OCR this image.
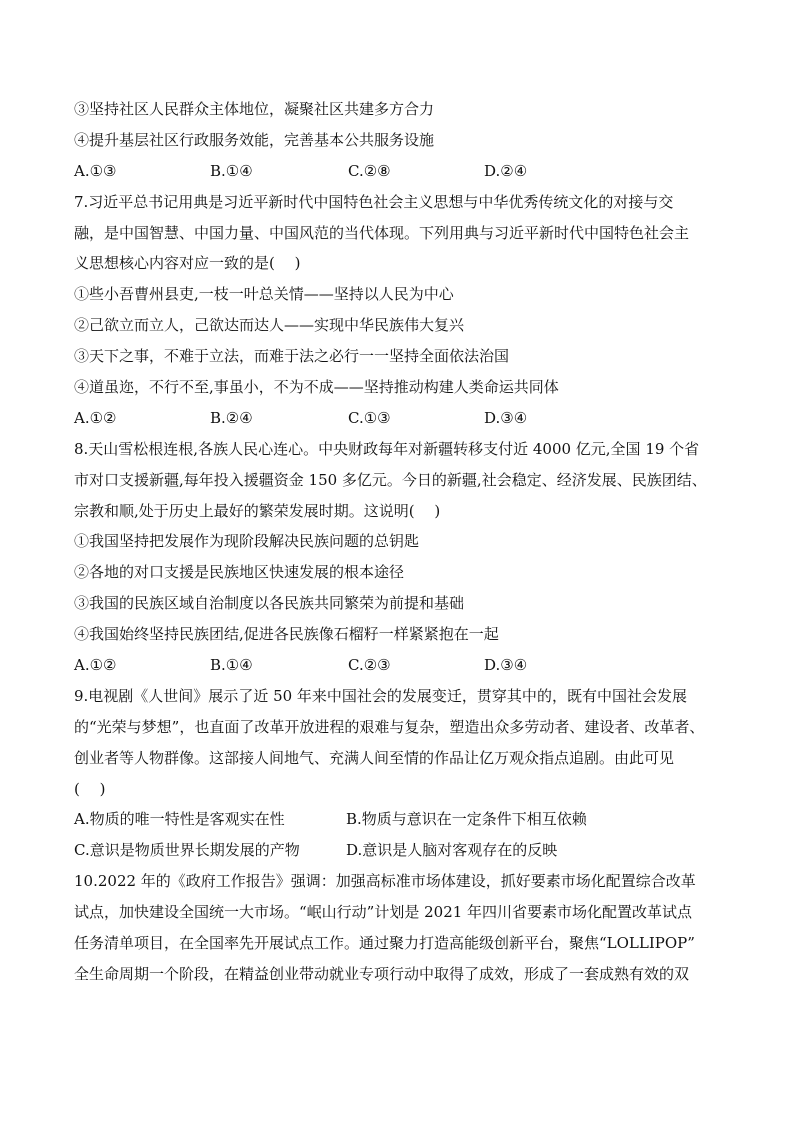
③坚持社区人民群众主体地位，凝聚社区共建多方合力
④提升基层社区行政服务效能，完善基本公共服务设施
A.①③	B.①④	C.②⑧	D.②④
7.习近平总书记用典是习近平新时代中国特色社会主义思想与中华优秀传统文化的对接与交
融，是中国智慧、中国力量、中国风范的当代体现。下列用典与习近平新时代中国特色社会主
义思想核心内容对应一致的是(　 )
①些小吾曹州县吏,一枝一叶总关情——坚持以人民为中心
②己欲立而立人，己欲达而达人——实现中华民族伟大复兴
③天下之事，不难于立法，而难于法之必行一一坚持全面依法治国
④道虽迩，不行不至,事虽小，不为不成——坚持推动构建人类命运共同体
A.①②	B.②④	C.①③	D.③④
8.天山雪松根连根,各族人民心连心。中央财政每年对新疆转移支付近 4000 亿元,全国 19 个省
市对口支援新疆,每年投入援疆资金 150 多亿元。今日的新疆,社会稳定、经济发展、民族团结、
宗教和顺,处于历史上最好的繁荣发展时期。这说明(　 )
①我国坚持把发展作为现阶段解决民族问题的总钥匙
②各地的对口支援是民族地区快速发展的根本途径
③我国的民族区域自治制度以各民族共同繁荣为前提和基础
④我国始终坚持民族团结,促进各民族像石榴籽一样紧紧抱在一起
A.①②	B.①④	C.②③	D.③④
9.电视剧《人世间》展示了近 50 年来中国社会的发展变迁，贯穿其中的，既有中国社会发展
的“光荣与梦想”，也直面了改革开放进程的艰难与复杂，塑造出众多劳动者、建设者、改革者、
创业者等人物群像。这部接人间地气、充满人间至情的作品让亿万观众指点追剧。由此可见
(　 )
A.物质的唯一特性是客观实在性	B.物质与意识在一定条件下相互依赖
C.意识是物质世界长期发展的产物	D.意识是人脑对客观存在的反映
10.2022 年的《政府工作报告》强调：加强高标准市场体建设，抓好要素市场化配置综合改革
试点，加快建设全国统一大市场。“岷山行动”计划是 2021 年四川省要素市场化配置改革试点
任务清单项目，在全国率先开展试点工作。通过聚力打造高能级创新平台，聚焦“LOLLIPOP”
全生命周期一个阶段，在精益创业带动就业专项行动中取得了成效，形成了一套成熟有效的双
